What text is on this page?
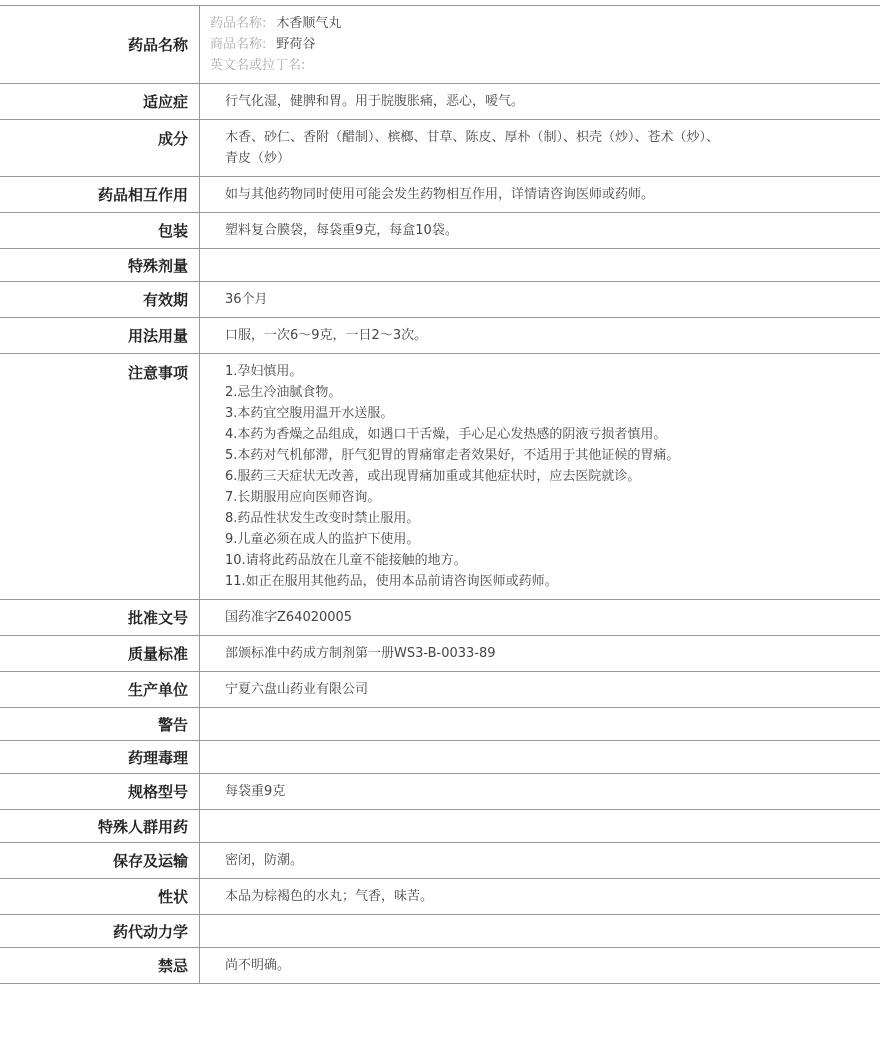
药品名称
药品名称: 木香顺气丸
商品名称: 野荷谷
英文名或拉丁名:
适应症	行气化湿，健脾和胃。用于脘腹胀痛，恶心，嗳气。
成分	木香、砂仁、香附（醋制）、槟榔、甘草、陈皮、厚朴（制）、枳壳（炒）、苍术（炒）、
青皮（炒）
药品相互作用	如与其他药物同时使用可能会发生药物相互作用，详情请咨询医师或药师。
包装	塑料复合膜袋，每袋重9克，每盒10袋。
特殊剂量
有效期	36个月
用法用量	口服，一次6～9克，一日2～3次。
注意事项	1.孕妇慎用。
2.忌生冷油腻食物。
3.本药宜空腹用温开水送服。
4.本药为香燥之品组成，如遇口干舌燥，手心足心发热感的阴液亏损者慎用。
5.本药对气机郁滞，肝气犯胃的胃痛窜走者效果好，不适用于其他证候的胃痛。
6.服药三天症状无改善，或出现胃痛加重或其他症状时，应去医院就诊。
7.长期服用应向医师咨询。
8.药品性状发生改变时禁止服用。
9.儿童必须在成人的监护下使用。
10.请将此药品放在儿童不能接触的地方。
11.如正在服用其他药品，使用本品前请咨询医师或药师。
批准文号	国药准字Z64020005
质量标准	部颁标准中药成方制剂第一册WS3-B-0033-89
生产单位	宁夏六盘山药业有限公司
警告
药理毒理
规格型号	每袋重9克
特殊人群用药
保存及运输	密闭，防潮。
性状	本品为棕褐色的水丸；气香，味苦。
药代动力学
禁忌	尚不明确。
